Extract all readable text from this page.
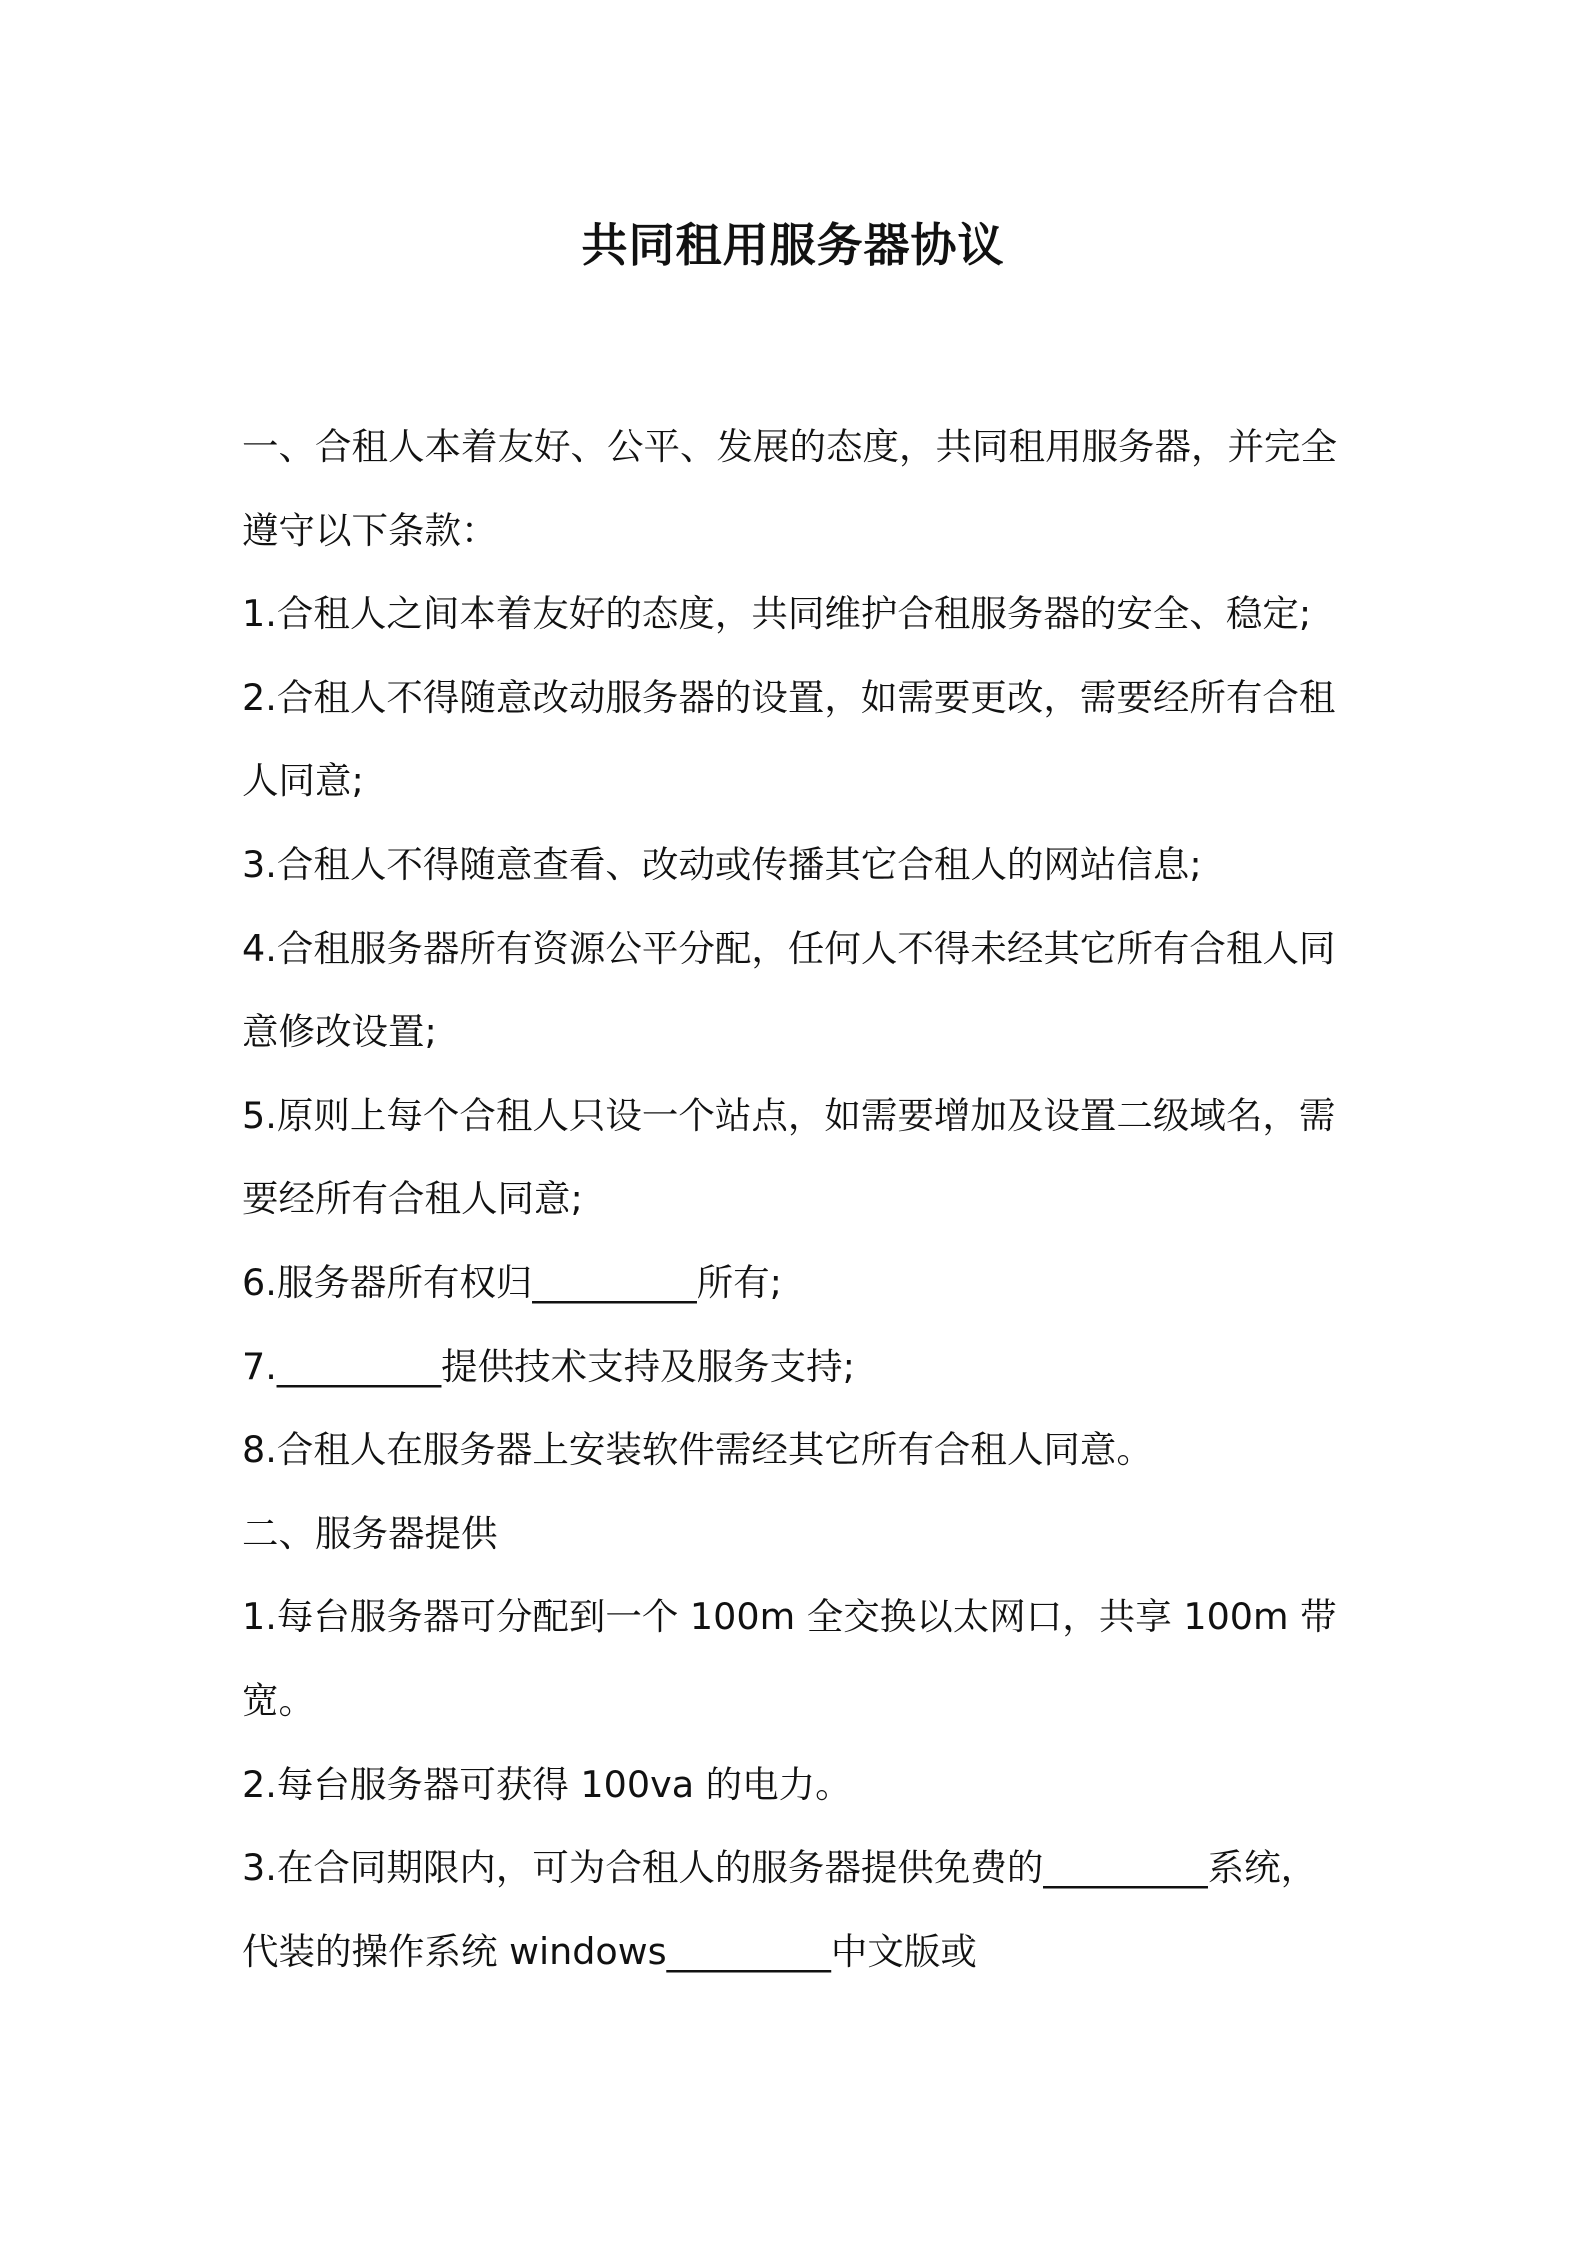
共同租用服务器协议

一、合租人本着友好、公平、发展的态度，共同租用服务器，并完全

遵守以下条款：

1.合租人之间本着友好的态度，共同维护合租服务器的安全、稳定;

2.合租人不得随意改动服务器的设置，如需要更改，需要经所有合租

人同意;

3.合租人不得随意查看、改动或传播其它合租人的网站信息;

4.合租服务器所有资源公平分配，任何人不得未经其它所有合租人同

意修改设置;

5.原则上每个合租人只设一个站点，如需要增加及设置二级域名，需

要经所有合租人同意;

6.服务器所有权归_________所有;

7._________提供技术支持及服务支持;

8.合租人在服务器上安装软件需经其它所有合租人同意。

二、服务器提供

1.每台服务器可分配到一个 100m 全交换以太网口，共享 100m 带

宽。

2.每台服务器可获得 100va 的电力。

3.在合同期限内，可为合租人的服务器提供免费的_________系统，

代装的操作系统 windows_________中文版或
